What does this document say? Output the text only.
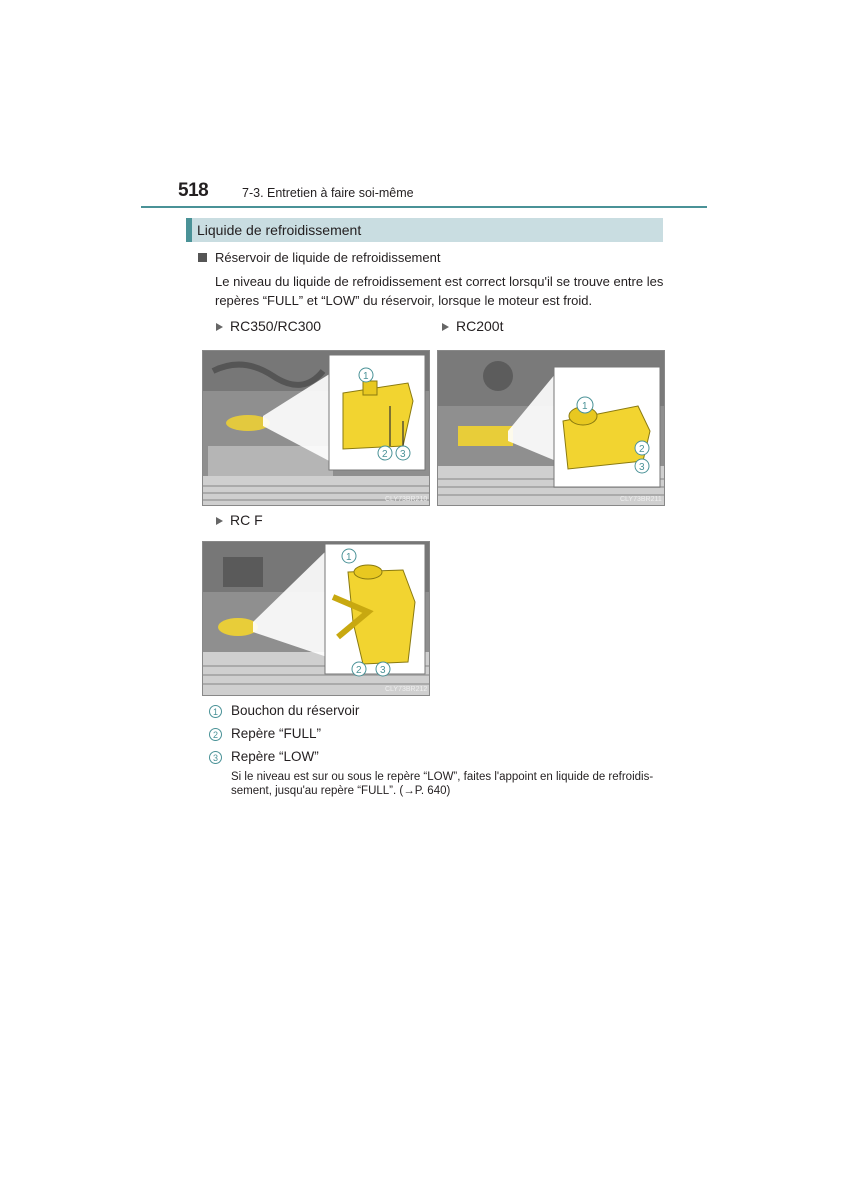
518	7-3. Entretien à faire soi-même
Liquide de refroidissement
Réservoir de liquide de refroidissement
Le niveau du liquide de refroidissement est correct lorsqu'il se trouve entre les repères “FULL” et “LOW” du réservoir, lorsque le moteur est froid.
RC350/RC300	RC200t
1
2 3
CLY73BR210
1
2
3
CLY73BR211
RC F
1
2 3
CLY73BR212
1 Bouchon du réservoir
2 Repère “FULL”
3 Repère “LOW”
Si le niveau est sur ou sous le repère “LOW”, faites l'appoint en liquide de refroidis- sement, jusqu'au repère “FULL”. (→P. 640)
